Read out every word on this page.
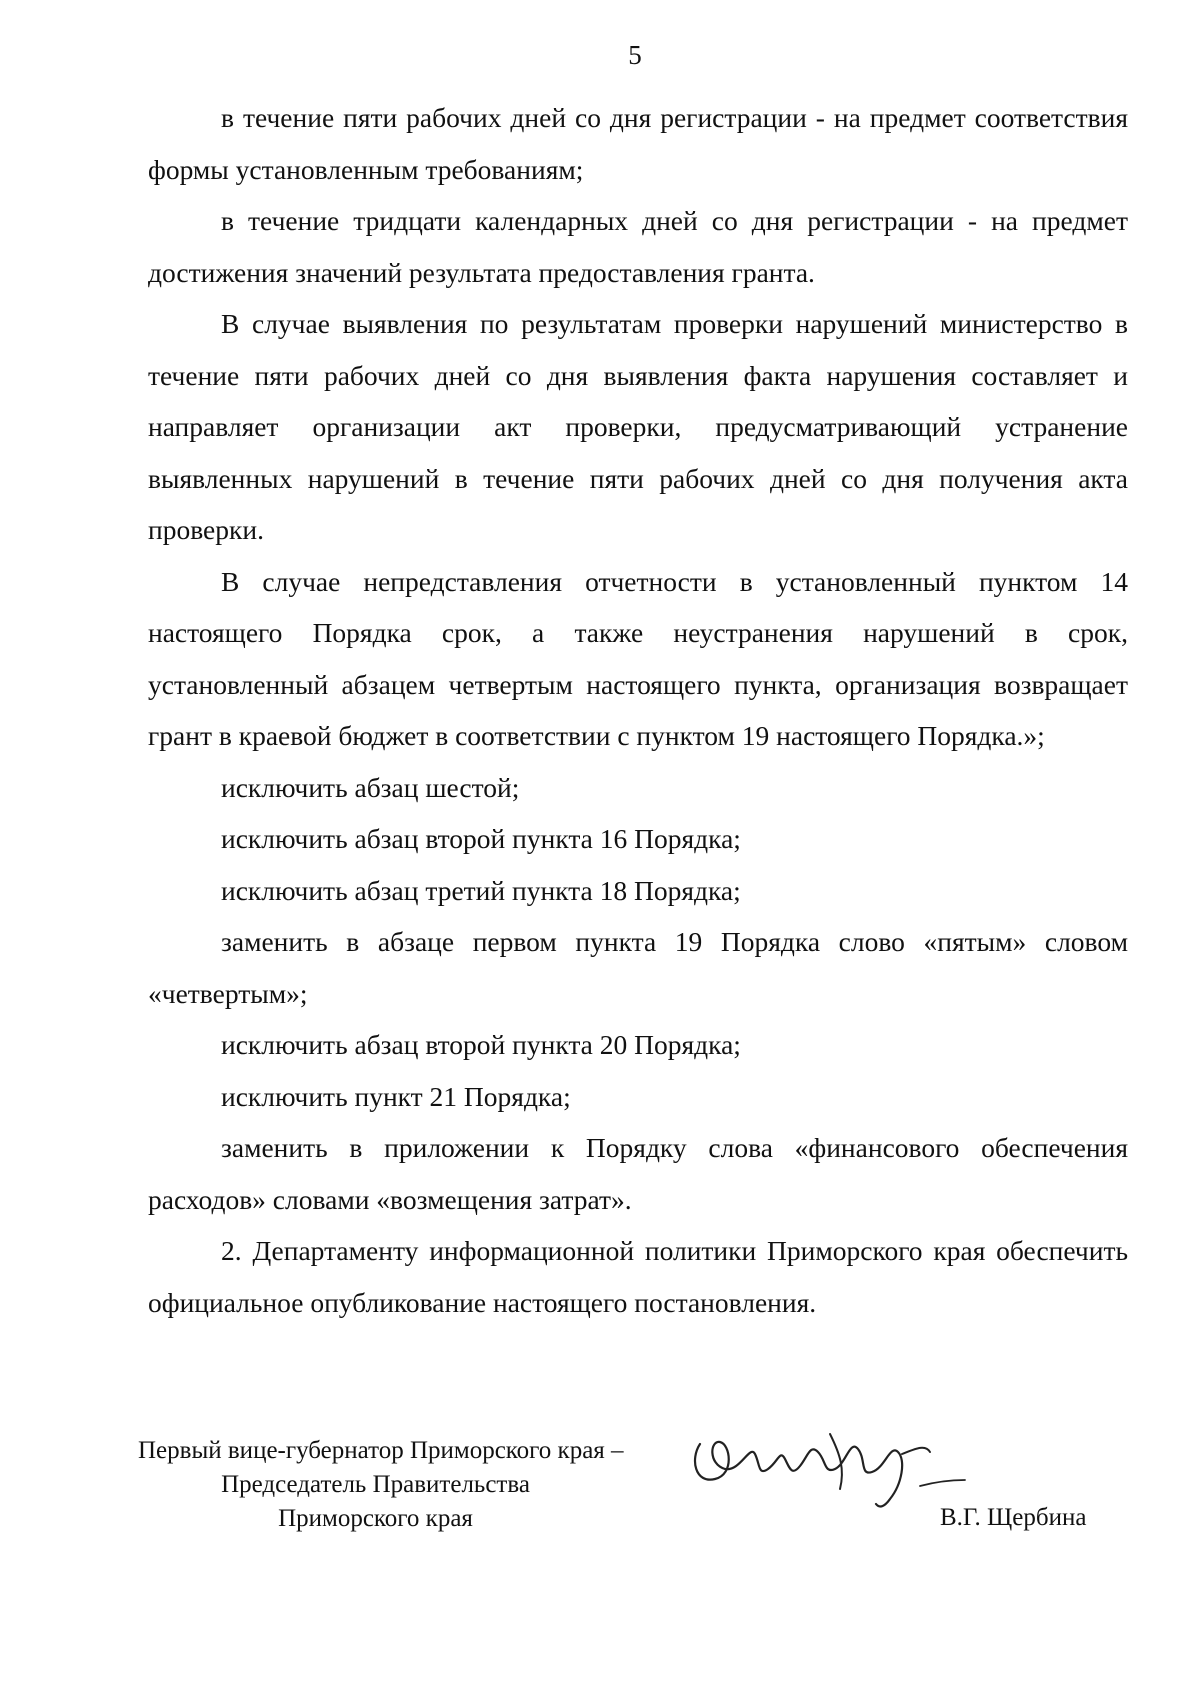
5

в течение пяти рабочих дней со дня регистрации - на предмет соответствия формы установленным требованиям;

в течение тридцати календарных дней со дня регистрации - на предмет достижения значений результата предоставления гранта.

В случае выявления по результатам проверки нарушений министерство в течение пяти рабочих дней со дня выявления факта нарушения составляет и направляет организации акт проверки, предусматривающий устранение выявленных нарушений в течение пяти рабочих дней со дня получения акта проверки.

В случае непредставления отчетности в установленный пунктом 14 настоящего Порядка срок, а также неустранения нарушений в срок, установленный абзацем четвертым настоящего пункта, организация возвращает грант в краевой бюджет в соответствии с пунктом 19 настоящего Порядка.»;

исключить абзац шестой;

исключить абзац второй пункта 16 Порядка;

исключить абзац третий пункта 18 Порядка;

заменить в абзаце первом пункта 19 Порядка слово «пятым» словом «четвертым»;

исключить абзац второй пункта 20 Порядка;

исключить пункт 21 Порядка;

заменить в приложении к Порядку слова «финансового обеспечения расходов» словами «возмещения затрат».

2. Департаменту информационной политики Приморского края обеспечить официальное опубликование настоящего постановления.

Первый вице-губернатор Приморского края –
Председатель Правительства
Приморского края	В.Г. Щербина
